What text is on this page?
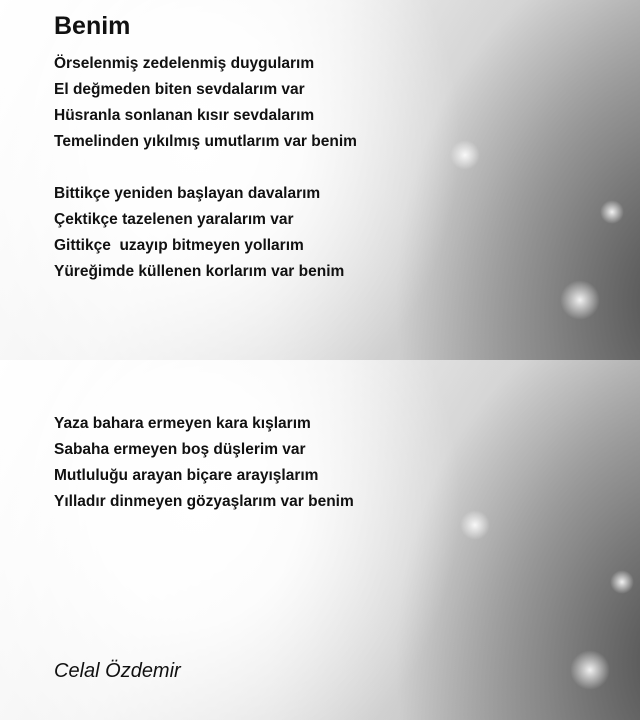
Benim
Örselenmiş zedelenmiş duygularım
El değmeden biten sevdalarım var
Hüsranla sonlanan kısır sevdalarım
Temelinden yıkılmış umutlarım var benim
Bittikçe yeniden başlayan davalarım
Çektikçe tazelenen yaralarım var
Gittikçe  uzayıp bitmeyen yollarım
Yüreğimde küllenen korlarım var benim
Yaza bahara ermeyen kara kışlarım
Sabaha ermeyen boş düşlerim var
Mutluluğu arayan biçare arayışlarım
Yılladır dinmeyen gözyaşlarım var benim
Celal Özdemir
